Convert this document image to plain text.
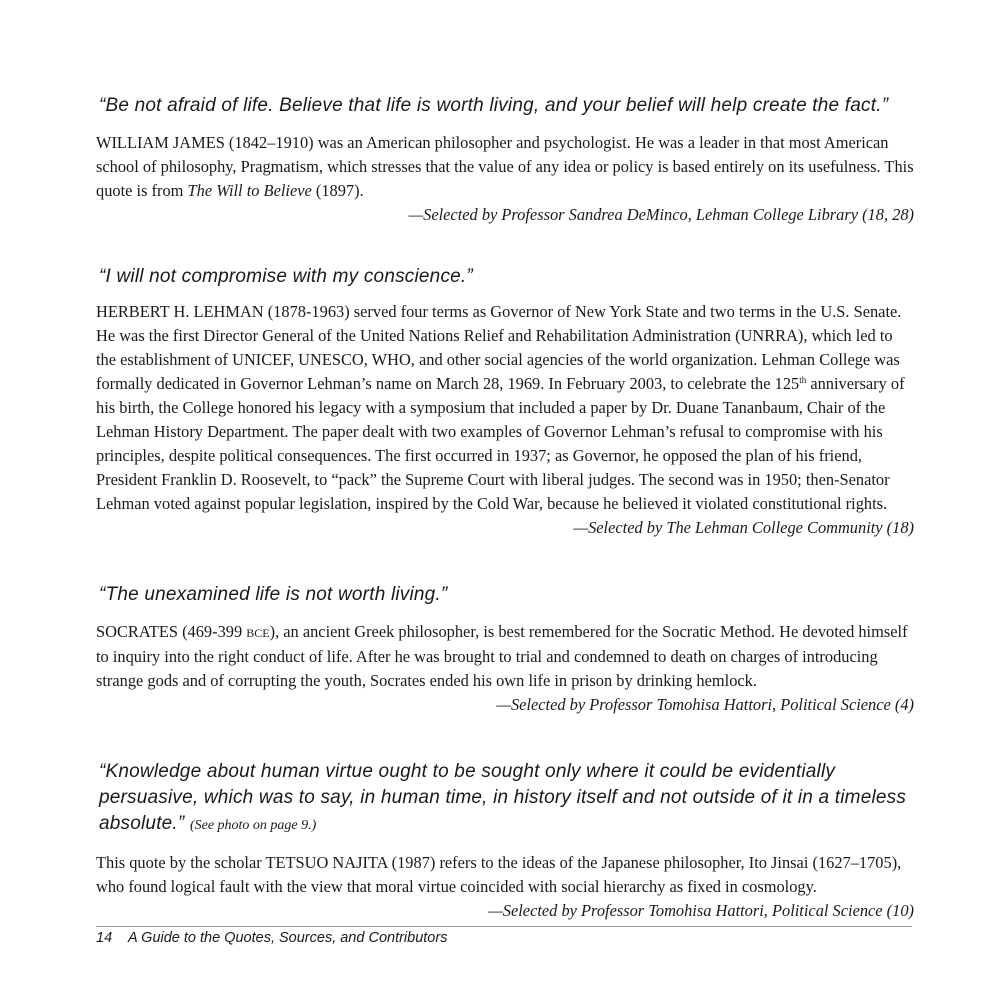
“Be not afraid of life. Believe that life is worth living, and your belief will help create the fact.”

WILLIAM JAMES (1842–1910) was an American philosopher and psychologist. He was a leader in that most American school of philosophy, Pragmatism, which stresses that the value of any idea or policy is based entirely on its usefulness. This quote is from The Will to Believe (1897).

—Selected by Professor Sandrea DeMinco, Lehman College Library (18, 28)

“I will not compromise with my conscience.”

HERBERT H. LEHMAN (1878-1963) served four terms as Governor of New York State and two terms in the U.S. Senate. He was the first Director General of the United Nations Relief and Rehabilitation Administration (UNRRA), which led to the establishment of UNICEF, UNESCO, WHO, and other social agencies of the world organization. Lehman College was formally dedicated in Governor Lehman’s name on March 28, 1969. In February 2003, to celebrate the 125th anniversary of his birth, the College honored his legacy with a symposium that included a paper by Dr. Duane Tananbaum, Chair of the Lehman History Department. The paper dealt with two examples of Governor Lehman’s refusal to compromise with his principles, despite political consequences. The first occurred in 1937; as Governor, he opposed the plan of his friend, President Franklin D. Roosevelt, to “pack” the Supreme Court with liberal judges. The second was in 1950; then-Senator Lehman voted against popular legislation, inspired by the Cold War, because he believed it violated constitutional rights.

—Selected by The Lehman College Community (18)

“The unexamined life is not worth living.”

SOCRATES (469-399 BCE), an ancient Greek philosopher, is best remembered for the Socratic Method. He devoted himself to inquiry into the right conduct of life. After he was brought to trial and condemned to death on charges of introducing strange gods and of corrupting the youth, Socrates ended his own life in prison by drinking hemlock.

—Selected by Professor Tomohisa Hattori, Political Science (4)

“Knowledge about human virtue ought to be sought only where it could be evidentially persuasive, which was to say, in human time, in history itself and not outside of it in a timeless absolute.” (See photo on page 9.)

This quote by the scholar TETSUO NAJITA (1987) refers to the ideas of the Japanese philosopher, Ito Jinsai (1627–1705), who found logical fault with the view that moral virtue coincided with social hierarchy as fixed in cosmology.

—Selected by Professor Tomohisa Hattori, Political Science (10)

14 A Guide to the Quotes, Sources, and Contributors
